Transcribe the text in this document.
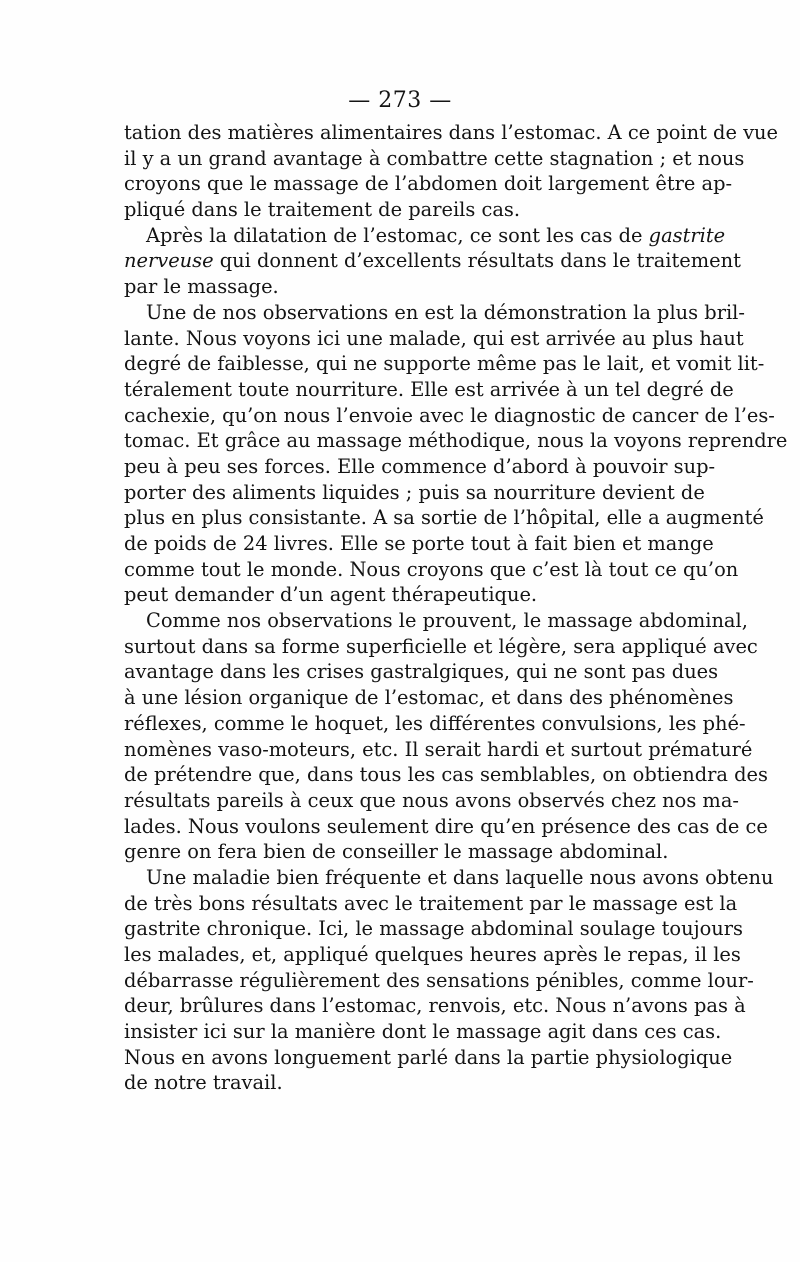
— 273 —
tation des matières alimentaires dans l’estomac. A ce point de vue
il y a un grand avantage à combattre cette stagnation ; et nous
croyons que le massage de l’abdomen doit largement être ap-
pliqué dans le traitement de pareils cas.
Après la dilatation de l’estomac, ce sont les cas de gastrite
nerveuse qui donnent d’excellents résultats dans le traitement
par le massage.
Une de nos observations en est la démonstration la plus bril-
lante. Nous voyons ici une malade, qui est arrivée au plus haut
degré de faiblesse, qui ne supporte même pas le lait, et vomit lit-
téralement toute nourriture. Elle est arrivée à un tel degré de
cachexie, qu’on nous l’envoie avec le diagnostic de cancer de l’es-
tomac. Et grâce au massage méthodique, nous la voyons reprendre
peu à peu ses forces. Elle commence d’abord à pouvoir sup-
porter des aliments liquides ; puis sa nourriture devient de
plus en plus consistante. A sa sortie de l’hôpital, elle a augmenté
de poids de 24 livres. Elle se porte tout à fait bien et mange
comme tout le monde. Nous croyons que c’est là tout ce qu’on
peut demander d’un agent thérapeutique.
Comme nos observations le prouvent, le massage abdominal,
surtout dans sa forme superficielle et légère, sera appliqué avec
avantage dans les crises gastralgiques, qui ne sont pas dues
à une lésion organique de l’estomac, et dans des phénomènes
réflexes, comme le hoquet, les différentes convulsions, les phé-
nomènes vaso-moteurs, etc. Il serait hardi et surtout prématuré
de prétendre que, dans tous les cas semblables, on obtiendra des
résultats pareils à ceux que nous avons observés chez nos ma-
lades. Nous voulons seulement dire qu’en présence des cas de ce
genre on fera bien de conseiller le massage abdominal.
Une maladie bien fréquente et dans laquelle nous avons obtenu
de très bons résultats avec le traitement par le massage est la
gastrite chronique. Ici, le massage abdominal soulage toujours
les malades, et, appliqué quelques heures après le repas, il les
débarrasse régulièrement des sensations pénibles, comme lour-
deur, brûlures dans l’estomac, renvois, etc. Nous n’avons pas à
insister ici sur la manière dont le massage agit dans ces cas.
Nous en avons longuement parlé dans la partie physiologique
de notre travail.
